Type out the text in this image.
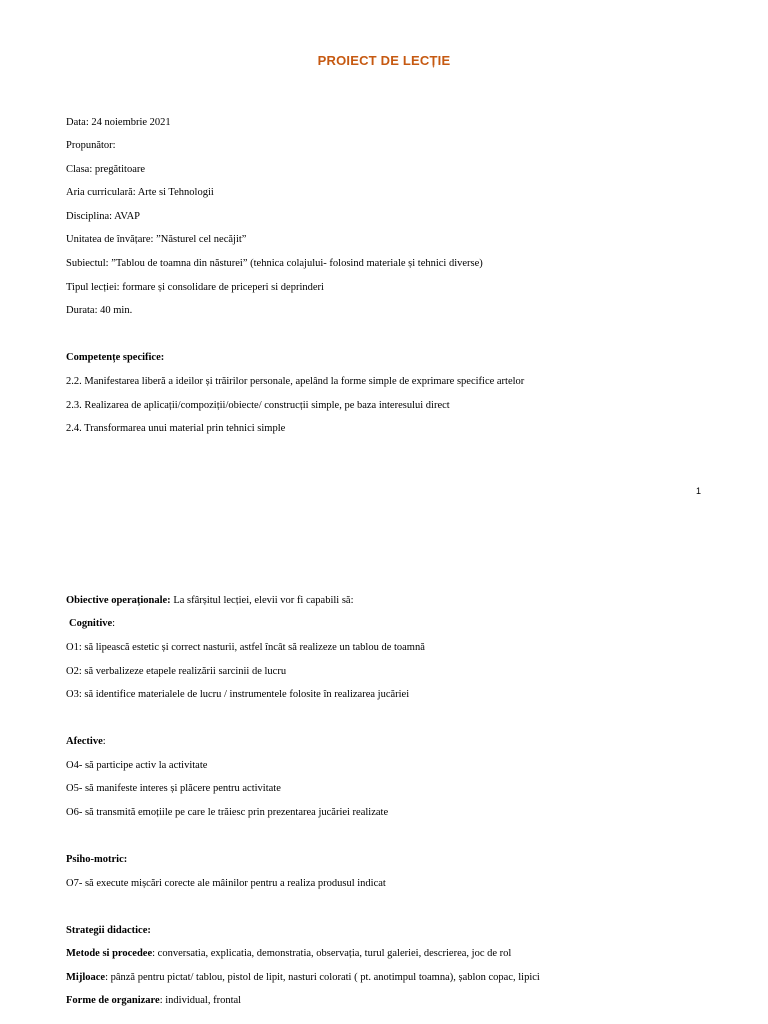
PROIECT DE LECȚIE
Data: 24 noiembrie 2021
Propunător:
Clasa: pregătitoare
Aria curriculară: Arte si Tehnologii
Disciplina: AVAP
Unitatea de învățare: ”Năsturel cel necăjit”
Subiectul: ”Tablou de toamna din năsturei” (tehnica colajului- folosind materiale și tehnici diverse)
Tipul lecției: formare și consolidare de priceperi si deprinderi
Durata: 40 min.
Competențe specifice:
2.2. Manifestarea liberă a ideilor și trăirilor personale, apelând la forme simple de exprimare specifice artelor
2.3. Realizarea de aplicații/compoziții/obiecte/ construcții simple, pe baza interesului direct
2.4. Transformarea unui material prin tehnici simple
1
Obiective operaționale: La sfârșitul lecției, elevii vor fi capabili să:
Cognitive:
O1: să lipească estetic și correct nasturii, astfel încât să realizeze un tablou de toamnă
O2: să verbalizeze etapele realizării sarcinii de lucru
O3: să identifice materialele de lucru / instrumentele folosite în realizarea jucăriei
Afective:
O4- să participe activ la activitate
O5- să manifeste interes și plăcere pentru activitate
O6- să transmită emoțiile pe care le trăiesc prin prezentarea jucăriei realizate
Psiho-motric:
O7- să execute mișcări corecte ale mâinilor pentru a realiza produsul indicat
Strategii didactice:
Metode si procedee: conversatia, explicatia, demonstratia, observația, turul galeriei, descrierea, joc de rol
Mijloace: pânză pentru pictat/ tablou, pistol de lipit, nasturi colorati ( pt. anotimpul toamna), șablon copac, lipici
Forme de organizare: individual, frontal
